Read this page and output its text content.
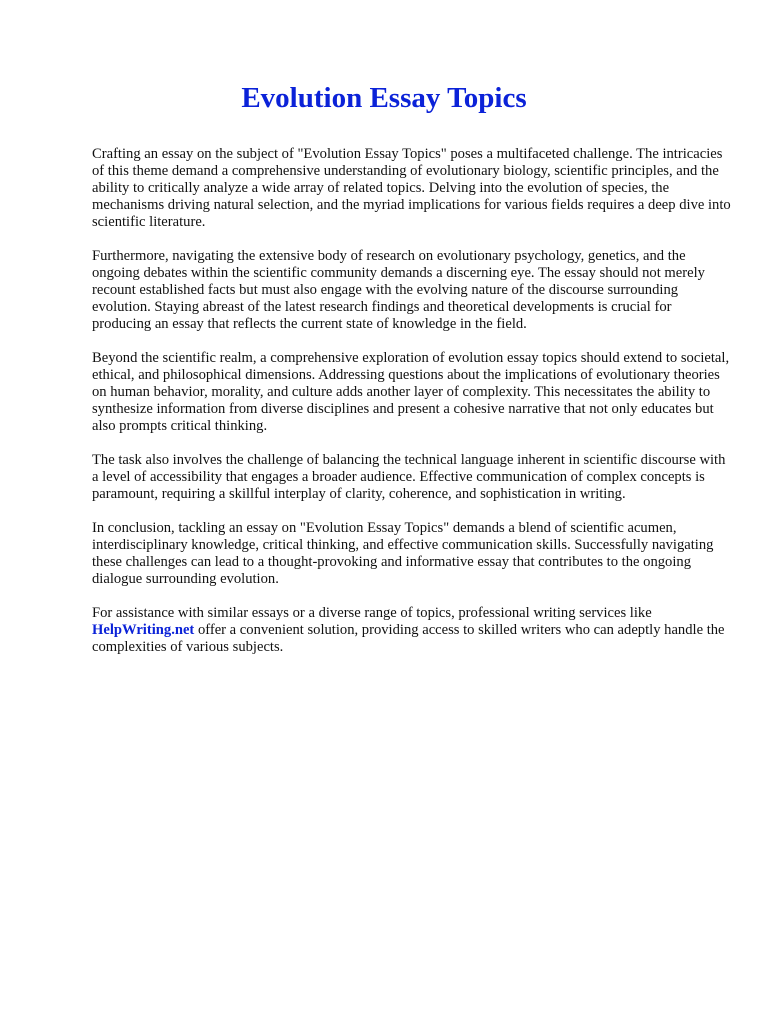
Evolution Essay Topics

Crafting an essay on the subject of "Evolution Essay Topics" poses a multifaceted challenge. The intricacies of this theme demand a comprehensive understanding of evolutionary biology, scientific principles, and the ability to critically analyze a wide array of related topics. Delving into the evolution of species, the mechanisms driving natural selection, and the myriad implications for various fields requires a deep dive into scientific literature.

Furthermore, navigating the extensive body of research on evolutionary psychology, genetics, and the ongoing debates within the scientific community demands a discerning eye. The essay should not merely recount established facts but must also engage with the evolving nature of the discourse surrounding evolution. Staying abreast of the latest research findings and theoretical developments is crucial for producing an essay that reflects the current state of knowledge in the field.

Beyond the scientific realm, a comprehensive exploration of evolution essay topics should extend to societal, ethical, and philosophical dimensions. Addressing questions about the implications of evolutionary theories on human behavior, morality, and culture adds another layer of complexity. This necessitates the ability to synthesize information from diverse disciplines and present a cohesive narrative that not only educates but also prompts critical thinking.

The task also involves the challenge of balancing the technical language inherent in scientific discourse with a level of accessibility that engages a broader audience. Effective communication of complex concepts is paramount, requiring a skillful interplay of clarity, coherence, and sophistication in writing.

In conclusion, tackling an essay on "Evolution Essay Topics" demands a blend of scientific acumen, interdisciplinary knowledge, critical thinking, and effective communication skills. Successfully navigating these challenges can lead to a thought-provoking and informative essay that contributes to the ongoing dialogue surrounding evolution.

For assistance with similar essays or a diverse range of topics, professional writing services like HelpWriting.net offer a convenient solution, providing access to skilled writers who can adeptly handle the complexities of various subjects.
